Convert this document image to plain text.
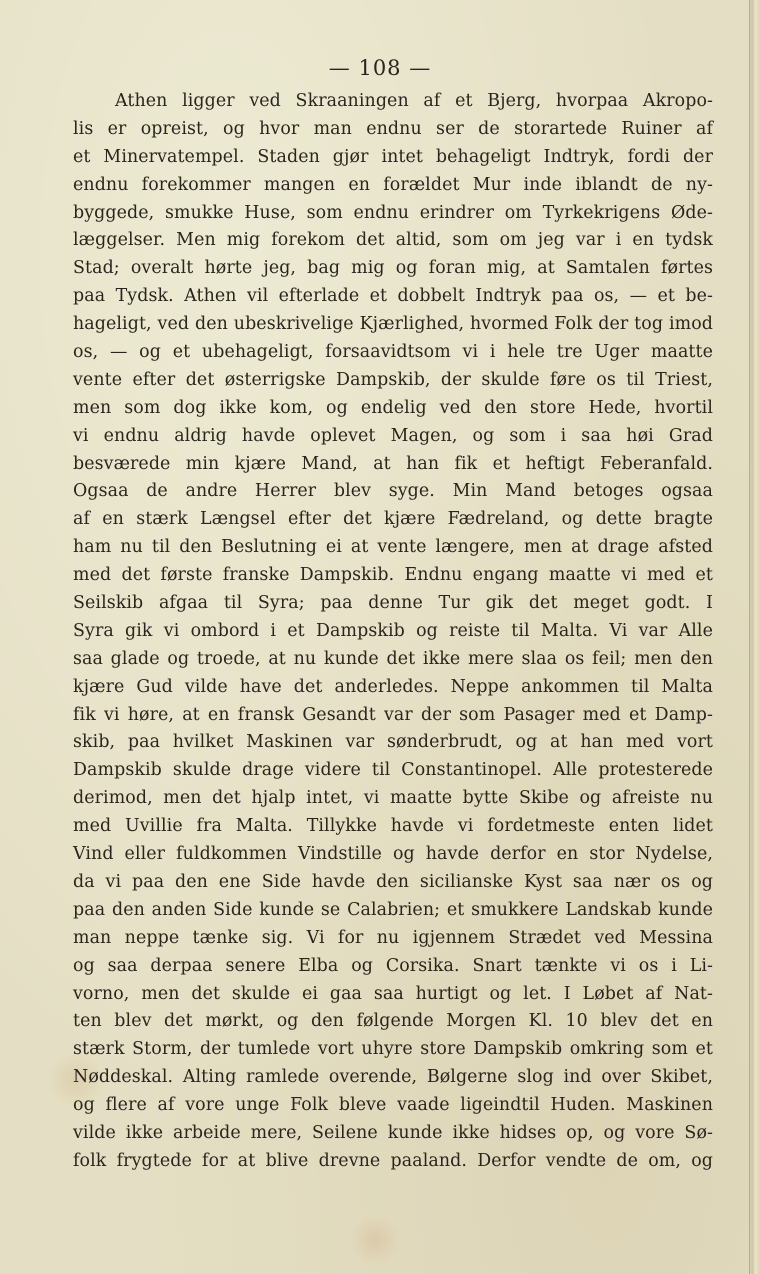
— 108 —
Athen ligger ved Skraaningen af et Bjerg, hvorpaa Akropo-
lis er opreist, og hvor man endnu ser de storartede Ruiner af
et Minervatempel. Staden gjør intet behageligt Indtryk, fordi der
endnu forekommer mangen en forældet Mur inde iblandt de ny-
byggede, smukke Huse, som endnu erindrer om Tyrkekrigens Øde-
læggelser. Men mig forekom det altid, som om jeg var i en tydsk
Stad; overalt hørte jeg, bag mig og foran mig, at Samtalen førtes
paa Tydsk. Athen vil efterlade et dobbelt Indtryk paa os, — et be-
hageligt, ved den ubeskrivelige Kjærlighed, hvormed Folk der tog imod
os, — og et ubehageligt, forsaavidtsom vi i hele tre Uger maatte
vente efter det østerrigske Dampskib, der skulde føre os til Triest,
men som dog ikke kom, og endelig ved den store Hede, hvortil
vi endnu aldrig havde oplevet Magen, og som i saa høi Grad
besværede min kjære Mand, at han fik et heftigt Feberanfald.
Ogsaa de andre Herrer blev syge. Min Mand betoges ogsaa
af en stærk Længsel efter det kjære Fædreland, og dette bragte
ham nu til den Beslutning ei at vente længere, men at drage afsted
med det første franske Dampskib. Endnu engang maatte vi med et
Seilskib afgaa til Syra; paa denne Tur gik det meget godt. I
Syra gik vi ombord i et Dampskib og reiste til Malta. Vi var Alle
saa glade og troede, at nu kunde det ikke mere slaa os feil; men den
kjære Gud vilde have det anderledes. Neppe ankommen til Malta
fik vi høre, at en fransk Gesandt var der som Pasager med et Damp-
skib, paa hvilket Maskinen var sønderbrudt, og at han med vort
Dampskib skulde drage videre til Constantinopel. Alle protesterede
derimod, men det hjalp intet, vi maatte bytte Skibe og afreiste nu
med Uvillie fra Malta. Tillykke havde vi fordetmeste enten lidet
Vind eller fuldkommen Vindstille og havde derfor en stor Nydelse,
da vi paa den ene Side havde den sicilianske Kyst saa nær os og
paa den anden Side kunde se Calabrien; et smukkere Landskab kunde
man neppe tænke sig. Vi for nu igjennem Strædet ved Messina
og saa derpaa senere Elba og Corsika. Snart tænkte vi os i Li-
vorno, men det skulde ei gaa saa hurtigt og let. I Løbet af Nat-
ten blev det mørkt, og den følgende Morgen Kl. 10 blev det en
stærk Storm, der tumlede vort uhyre store Dampskib omkring som et
Nøddeskal. Alting ramlede overende, Bølgerne slog ind over Skibet,
og flere af vore unge Folk bleve vaade ligeindtil Huden. Maskinen
vilde ikke arbeide mere, Seilene kunde ikke hidses op, og vore Sø-
folk frygtede for at blive drevne paaland. Derfor vendte de om, og
